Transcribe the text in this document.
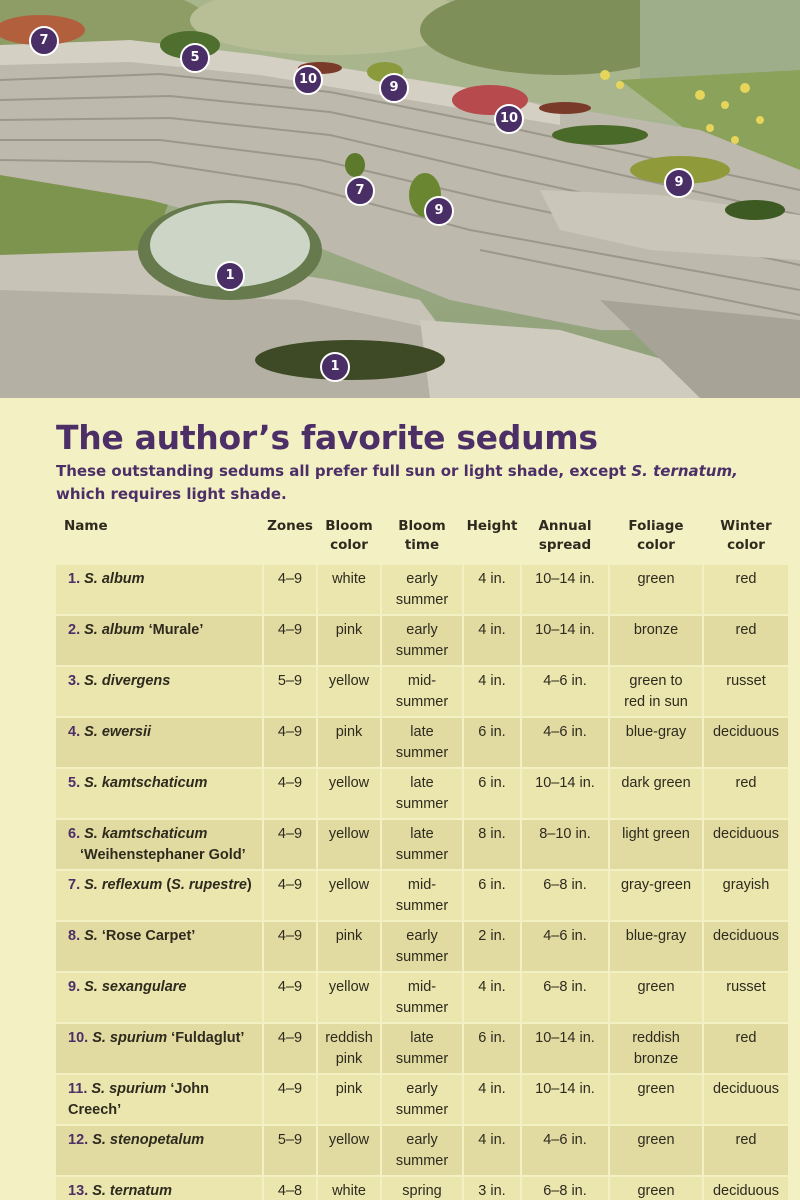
7
5
10
9
10
7
9
9
1
1
The author’s favorite sedums

These outstanding sedums all prefer full sun or light shade, except S. ternatum, which requires light shade.

Name	Zones	Bloom
color	Bloom
time	Height	Annual
spread	Foliage
color	Winter
color
1. S. album	4–9	white	early
summer	4 in.	10–14 in.	green	red
2. S. album ‘Murale’	4–9	pink	early
summer	4 in.	10–14 in.	bronze	red
3. S. divergens	5–9	yellow	mid-
summer	4 in.	4–6 in.	green to
red in sun	russet
4. S. ewersii	4–9	pink	late
summer	6 in.	4–6 in.	blue-gray	deciduous
5. S. kamtschaticum	4–9	yellow	late
summer	6 in.	10–14 in.	dark green	red
6. S. kamtschaticum
‘Weihenstephaner Gold’	4–9	yellow	late
summer	8 in.	8–10 in.	light green	deciduous
7. S. reflexum (S. rupestre)	4–9	yellow	mid-
summer	6 in.	6–8 in.	gray-green	grayish
8. S. ‘Rose Carpet’	4–9	pink	early
summer	2 in.	4–6 in.	blue-gray	deciduous
9. S. sexangulare	4–9	yellow	mid-
summer	4 in.	6–8 in.	green	russet
10. S. spurium ‘Fuldaglut’	4–9	reddish pink	late
summer	6 in.	10–14 in.	reddish
bronze	red
11. S. spurium ‘John Creech’	4–9	pink	early
summer	4 in.	10–14 in.	green	deciduous
12. S. stenopetalum	5–9	yellow	early
summer	4 in.	4–6 in.	green	red
13. S. ternatum	4–8	white	spring	3 in.	6–8 in.	green	deciduous
